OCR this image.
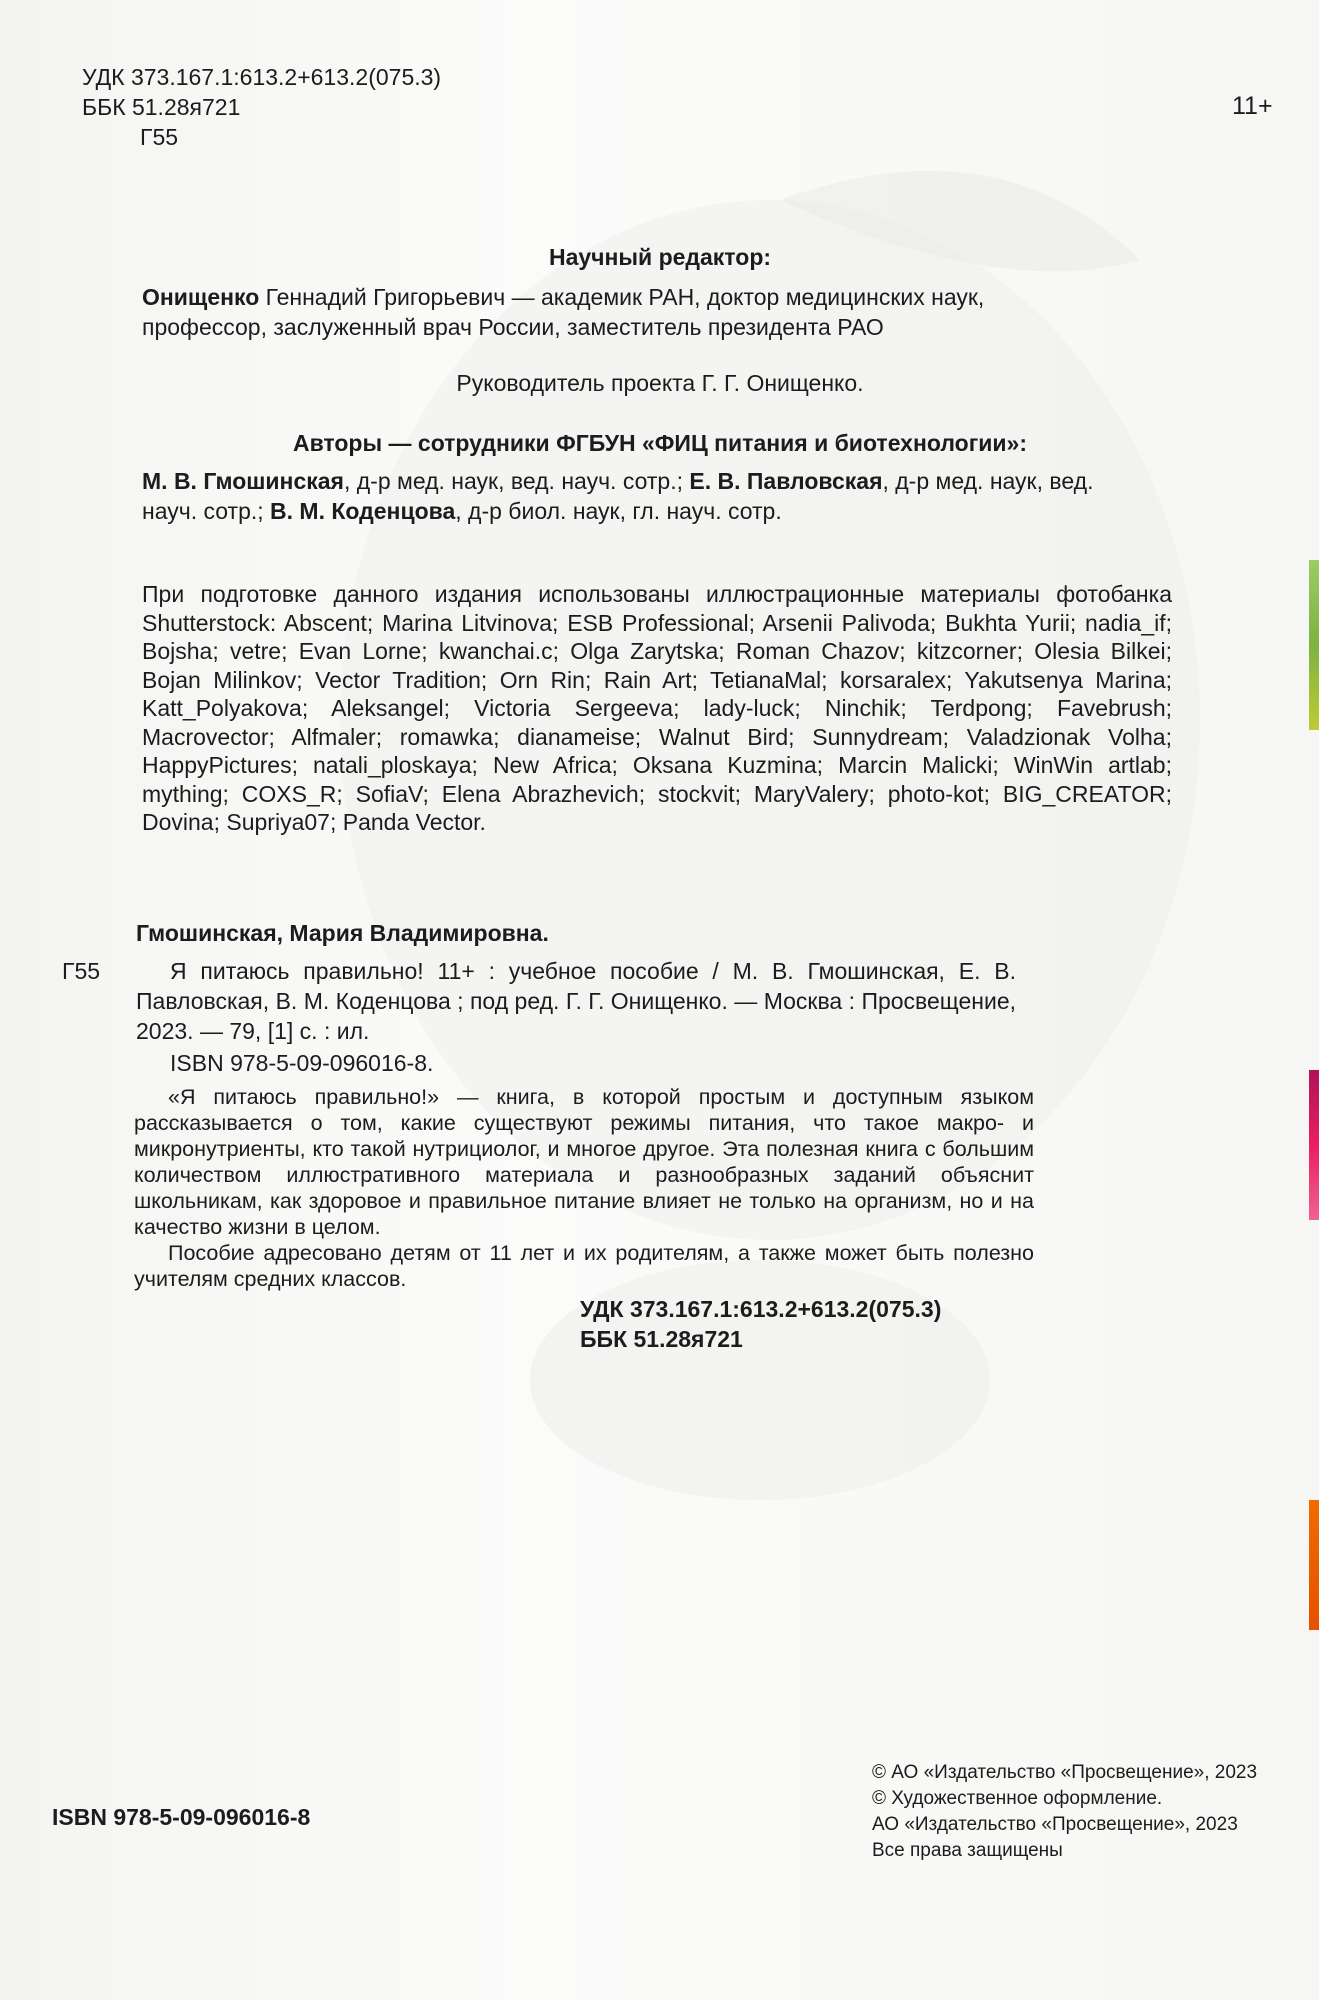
УДК 373.167.1:613.2+613.2(075.3)
ББК 51.28я721
Г55
11+
Научный редактор:
Онищенко Геннадий Григорьевич — академик РАН, доктор медицинских наук, профессор, заслуженный врач России, заместитель президента РАО
Руководитель проекта Г. Г. Онищенко.
Авторы — сотрудники ФГБУН «ФИЦ питания и биотехнологии»:
М. В. Гмошинская, д-р мед. наук, вед. науч. сотр.; Е. В. Павловская, д-р мед. наук, вед. науч. сотр.; В. М. Коденцова, д-р биол. наук, гл. науч. сотр.

При подготовке данного издания использованы иллюстрационные материалы фотобанка Shutterstock: Abscent; Marina Litvinova; ESB Professional; Arsenii Palivoda; Bukhta Yurii; nadia_if; Bojsha; vetre; Evan Lorne; kwanchai.c; Olga Zarytska; Roman Chazov; kitzcorner; Olesia Bilkei; Bojan Milinkov; Vector Tradition; Orn Rin; Rain Art; TetianaMal; korsaralex; Yakutsenya Marina; Katt_Polyakova; Aleksangel; Victoria Sergeeva; lady-luck; Ninchik; Terdpong; Favebrush; Macrovector; Alfmaler; romawka; dianameise; Walnut Bird; Sunnydream; Valadzionak Volha; HappyPictures; natali_ploskaya; New Africa; Oksana Kuzmina; Marcin Malicki; WinWin artlab; mything; COXS_R; SofiaV; Elena Abrazhevich; stockvit; MaryValery; photo-kot; BIG_CREATOR; Dovina; Supriya07; Panda Vector.

Гмошинская, Мария Владимировна.
Г55	Я питаюсь правильно! 11+ : учебное пособие / М. В. Гмошинская, Е. В. Павловская, В. М. Коденцова ; под ред. Г. Г. Онищенко. — Москва : Просвещение, 2023. — 79, [1] с. : ил.

ISBN 978-5-09-096016-8.

«Я питаюсь правильно!» — книга, в которой простым и доступным языком рассказывается о том, какие существуют режимы питания, что такое макро- и микронутриенты, кто такой нутрициолог, и многое другое. Эта полезная книга с большим количеством иллюстративного материала и разнообразных заданий объяснит школьникам, как здоровое и правильное питание влияет не только на организм, но и на качество жизни в целом.

Пособие адресовано детям от 11 лет и их родителям, а также может быть полезно учителям средних классов.

УДК 373.167.1:613.2+613.2(075.3)
ББК 51.28я721
ISBN 978-5-09-096016-8
© АО «Издательство «Просвещение», 2023
© Художественное оформление.
АО «Издательство «Просвещение», 2023
Все права защищены
